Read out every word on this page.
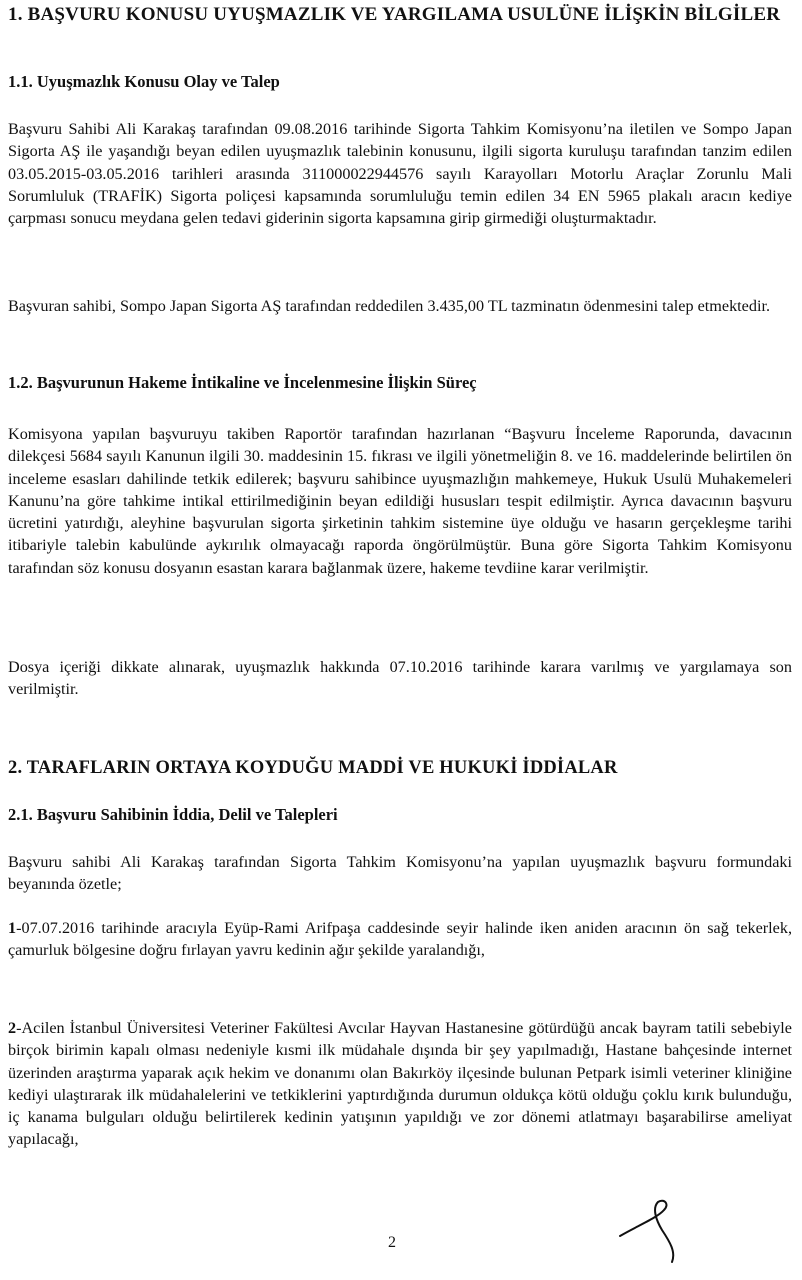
1. BAŞVURU KONUSU UYUŞMAZLIK VE YARGILAMA USULÜNE İLİŞKİN BİLGİLER
1.1. Uyuşmazlık Konusu Olay ve Talep

Başvuru Sahibi Ali Karakaş tarafından 09.08.2016 tarihinde Sigorta Tahkim Komisyonu’na iletilen ve Sompo Japan Sigorta AŞ ile yaşandığı beyan edilen uyuşmazlık talebinin konusunu, ilgili sigorta kuruluşu tarafından tanzim edilen 03.05.2015-03.05.2016 tarihleri arasında 311000022944576 sayılı Karayolları Motorlu Araçlar Zorunlu Mali Sorumluluk (TRAFİK) Sigorta poliçesi kapsamında sorumluluğu temin edilen 34 EN 5965 plakalı aracın kediye çarpması sonucu meydana gelen tedavi giderinin sigorta kapsamına girip girmediği oluşturmaktadır.

Başvuran sahibi, Sompo Japan Sigorta AŞ tarafından reddedilen 3.435,00 TL tazminatın ödenmesini talep etmektedir.

1.2. Başvurunun Hakeme İntikaline ve İncelenmesine İlişkin Süreç

Komisyona yapılan başvuruyu takiben Raportör tarafından hazırlanan “Başvuru İnceleme Raporunda, davacının dilekçesi 5684 sayılı Kanunun ilgili 30. maddesinin 15. fıkrası ve ilgili yönetmeliğin 8. ve 16. maddelerinde belirtilen ön inceleme esasları dahilinde tetkik edilerek; başvuru sahibince uyuşmazlığın mahkemeye, Hukuk Usulü Muhakemeleri Kanunu’na göre tahkime intikal ettirilmediğinin beyan edildiği hususları tespit edilmiştir. Ayrıca davacının başvuru ücretini yatırdığı, aleyhine başvurulan sigorta şirketinin tahkim sistemine üye olduğu ve hasarın gerçekleşme tarihi itibariyle talebin kabulünde aykırılık olmayacağı raporda öngörülmüştür. Buna göre Sigorta Tahkim Komisyonu tarafından söz konusu dosyanın esastan karara bağlanmak üzere, hakeme tevdiine karar verilmiştir.

Dosya içeriği dikkate alınarak, uyuşmazlık hakkında 07.10.2016 tarihinde karara varılmış ve yargılamaya son verilmiştir.

2. TARAFLARIN ORTAYA KOYDUĞU MADDİ VE HUKUKİ İDDİALAR
2.1. Başvuru Sahibinin İddia, Delil ve Talepleri

Başvuru sahibi Ali Karakaş tarafından Sigorta Tahkim Komisyonu’na yapılan uyuşmazlık başvuru formundaki beyanında özetle;

1-07.07.2016 tarihinde aracıyla Eyüp-Rami Arifpaşa caddesinde seyir halinde iken aniden aracının ön sağ tekerlek, çamurluk bölgesine doğru fırlayan yavru kedinin ağır şekilde yaralandığı,

2-Acilen İstanbul Üniversitesi Veteriner Fakültesi Avcılar Hayvan Hastanesine götürdüğü ancak bayram tatili sebebiyle birçok birimin kapalı olması nedeniyle kısmi ilk müdahale dışında bir şey yapılmadığı, Hastane bahçesinde internet üzerinden araştırma yaparak açık hekim ve donanımı olan Bakırköy ilçesinde bulunan Petpark isimli veteriner kliniğine kediyi ulaştırarak ilk müdahalelerini ve tetkiklerini yaptırdığında durumun oldukça kötü olduğu çoklu kırık bulunduğu, iç kanama bulguları olduğu belirtilerek kedinin yatışının yapıldığı ve zor dönemi atlatmayı başarabilirse ameliyat yapılacağı,

2
